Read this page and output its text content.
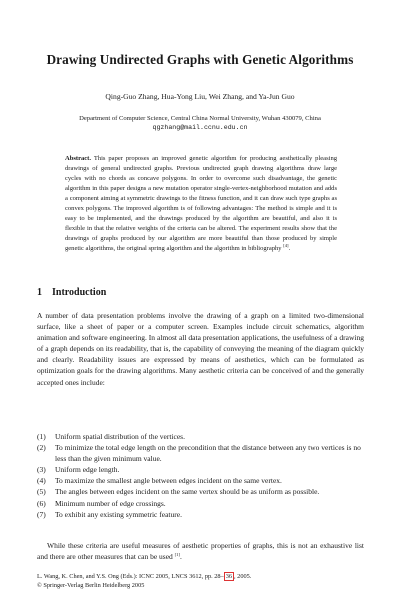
Drawing Undirected Graphs with Genetic Algorithms
Qing-Guo Zhang, Hua-Yong Liu, Wei Zhang, and Ya-Jun Guo
Department of Computer Science, Central China Normal University, Wuhan 430079, China
qgzhang@mail.ccnu.edu.cn
Abstract. This paper proposes an improved genetic algorithm for producing aesthetically pleasing drawings of general undirected graphs. Previous undirected graph drawing algorithms draw large cycles with no chords as concave polygons. In order to overcome such disadvantage, the genetic algorithm in this paper designs a new mutation operator single-vertex-neighborhood mutation and adds a component aiming at symmetric drawings to the fitness function, and it can draw such type graphs as convex polygons. The improved algorithm is of following advantages: The method is simple and it is easy to be implemented, and the drawings produced by the algorithm are beautiful, and also it is flexible in that the relative weights of the criteria can be altered. The experiment results show that the drawings of graphs produced by our algorithm are more beautiful than those produced by simple genetic algorithms, the original spring algorithm and the algorithm in bibliography [4].
1 Introduction
A number of data presentation problems involve the drawing of a graph on a limited two-dimensional surface, like a sheet of paper or a computer screen. Examples include circuit schematics, algorithm animation and software engineering. In almost all data presentation applications, the usefulness of a drawing of a graph depends on its readability, that is, the capability of conveying the meaning of the diagram quickly and clearly. Readability issues are expressed by means of aesthetics, which can be formulated as optimization goals for the drawing algorithms. Many aesthetic criteria can be conceived of and the generally accepted ones include:
(1)	Uniform spatial distribution of the vertices.
(2)	To minimize the total edge length on the precondition that the distance between any two vertices is no less than the given minimum value.
(3)	Uniform edge length.
(4)	To maximize the smallest angle between edges incident on the same vertex.
(5)	The angles between edges incident on the same vertex should be as uniform as possible.
(6)	Minimum number of edge crossings.
(7)	To exhibit any existing symmetric feature.
While these criteria are useful measures of aesthetic properties of graphs, this is not an exhaustive list and there are other measures that can be used [1].
L. Wang, K. Chen, and Y.S. Ong (Eds.): ICNC 2005, LNCS 3612, pp. 28– 36 , 2005.
© Springer-Verlag Berlin Heidelberg 2005
